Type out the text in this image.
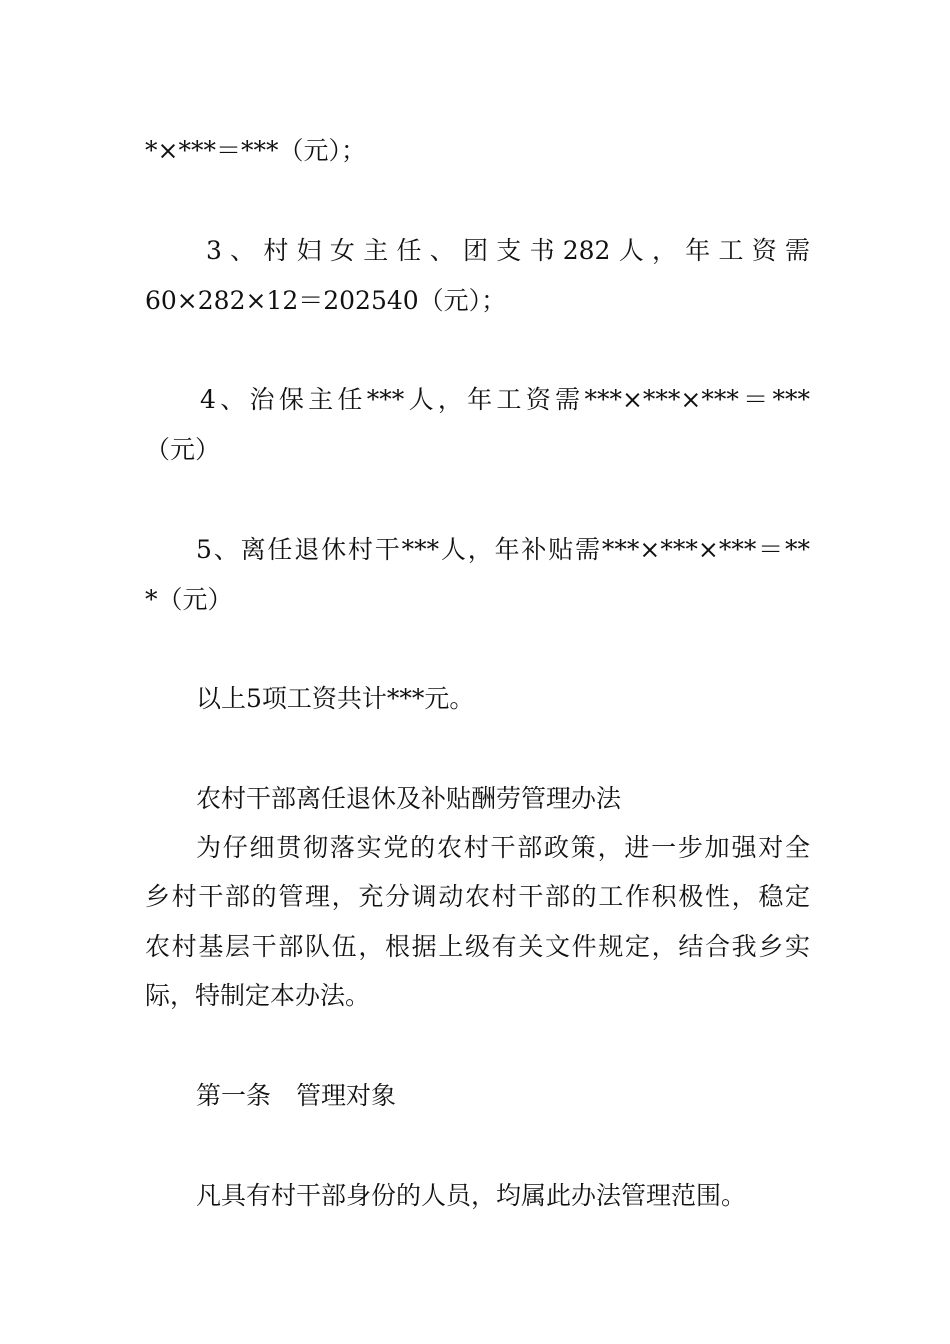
*×***＝***（元）；
3、村妇女主任、团支书282人，年工资需
60×282×12＝202540（元）；
4、治保主任***人，年工资需***×***×***＝***
（元）
5、离任退休村干***人，年补贴需***×***×***＝**
*（元）
以上5项工资共计***元。
农村干部离任退休及补贴酬劳管理办法
为仔细贯彻落实党的农村干部政策，进一步加强对全
乡村干部的管理，充分调动农村干部的工作积极性，稳定
农村基层干部队伍，根据上级有关文件规定，结合我乡实
际，特制定本办法。
第一条　管理对象
凡具有村干部身份的人员，均属此办法管理范围。
